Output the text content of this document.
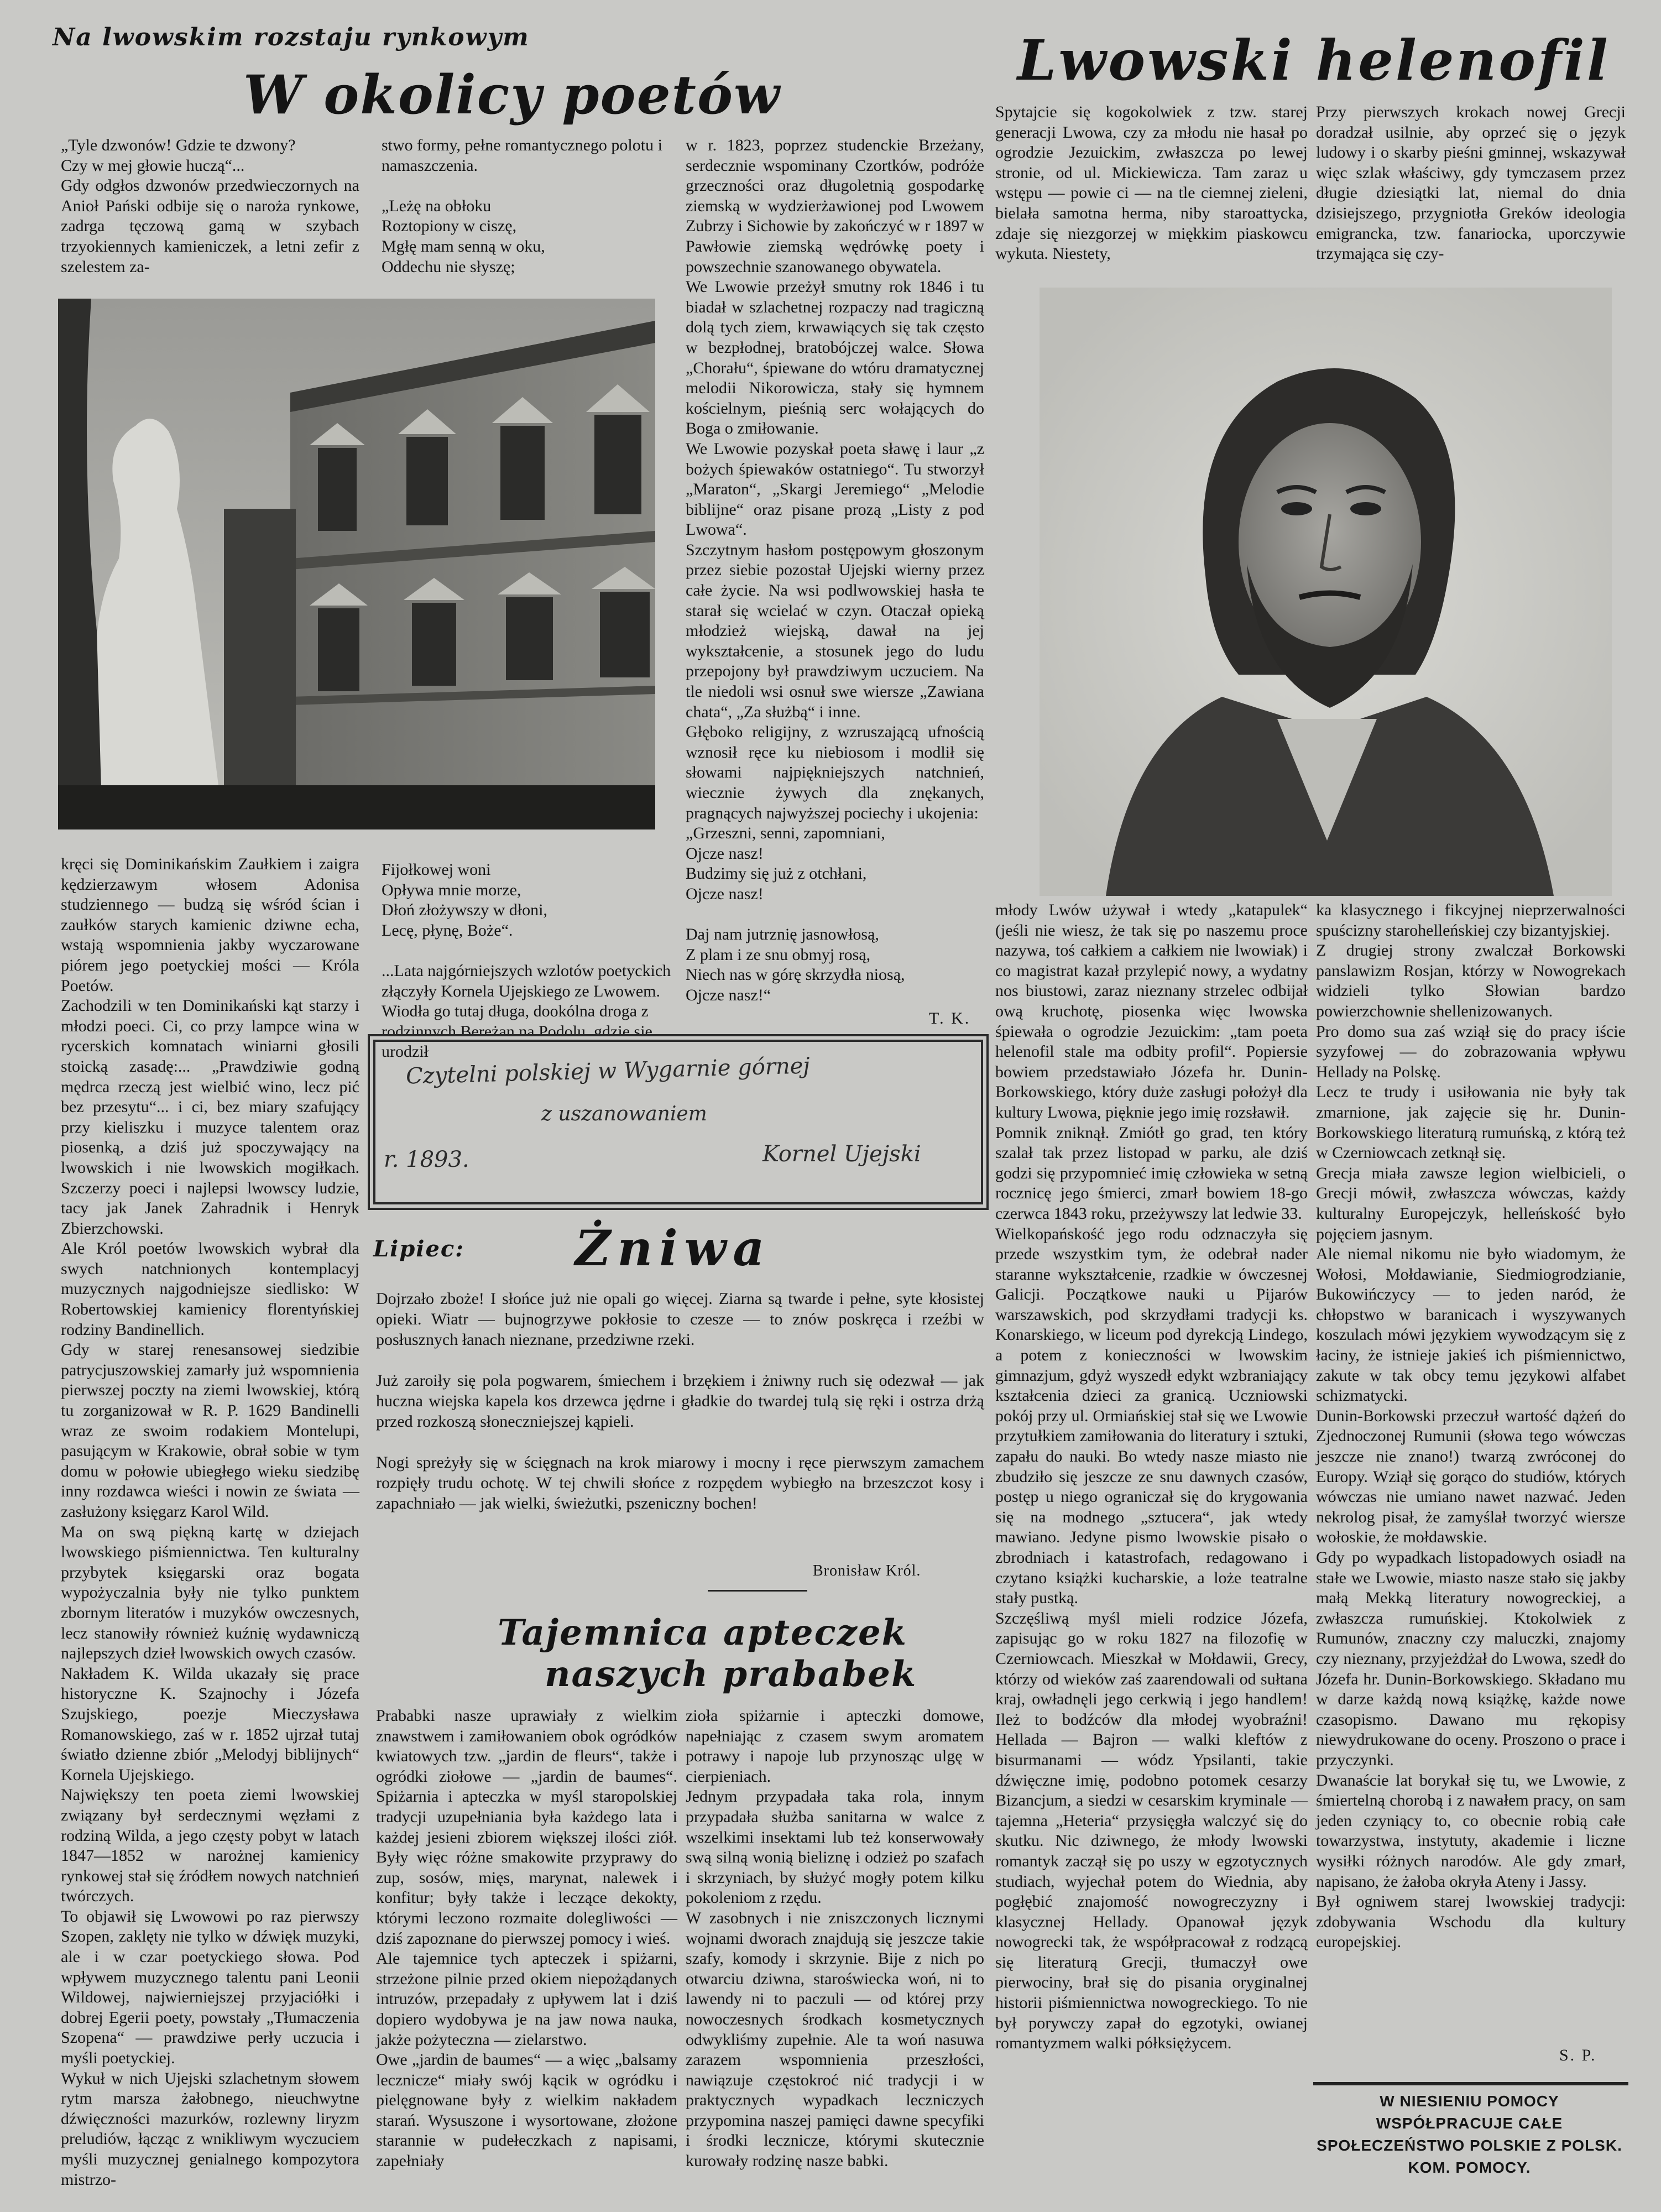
Na lwowskim rozstaju rynkowym
W okolicy poetów
„Tyle dzwonów! Gdzie te dzwony?
Czy w mej głowie huczą“...
Gdy odgłos dzwonów przedwieczornych na Anioł Pański odbije się o naroża rynkowe, zadrga tęczową gamą w szybach trzyokiennych kamieniczek, a letni zefir z szelestem za-
stwo formy, pełne romantycznego polotu i namaszczenia.

„Leżę na obłoku
Roztopiony w ciszę,
Mgłę mam senną w oku,
Oddechu nie słyszę;
kręci się Dominikańskim Zaułkiem i zaigra kędzierzawym włosem Adonisa studziennego — budzą się wśród ścian i zaułków starych kamienic dziwne echa, wstają wspomnienia jakby wyczarowane piórem jego poetyckiej mości — Króla Poetów.
Zachodzili w ten Dominikański kąt starzy i młodzi poeci. Ci, co przy lampce wina w rycerskich komnatach winiarni głosili stoicką zasadę:... „Prawdziwie godną mędrca rzeczą jest wielbić wino, lecz pić bez przesytu“... i ci, bez miary szafujący przy kieliszku i muzyce talentem oraz piosenką, a dziś już spoczywający na lwowskich i nie lwowskich mogiłkach. Szczerzy poeci i najlepsi lwowscy ludzie, tacy jak Janek Zahradnik i Henryk Zbierzchowski.
Ale Król poetów lwowskich wybrał dla swych natchnionych kontemplacyj muzycznych najgodniejsze siedlisko: W Robertowskiej kamienicy florentyńskiej rodziny Bandinellich.
Gdy w starej renesansowej siedzibie patrycjuszowskiej zamarły już wspomnienia pierwszej poczty na ziemi lwowskiej, którą tu zorganizował w R. P. 1629 Bandinelli wraz ze swoim rodakiem Montelupi, pasującym w Krakowie, obrał sobie w tym domu w połowie ubiegłego wieku siedzibę inny rozdawca wieści i nowin ze świata — zasłużony księgarz Karol Wild.
Ma on swą piękną kartę w dziejach lwowskiego piśmiennictwa. Ten kulturalny przybytek księgarski oraz bogata wypożyczalnia były nie tylko punktem zbornym literatów i muzyków owczesnych, lecz stanowiły również kuźnię wydawniczą najlepszych dzieł lwowskich owych czasów.
Nakładem K. Wilda ukazały się prace historyczne K. Szajnochy i Józefa Szujskiego, poezje Mieczysława Romanowskiego, zaś w r. 1852 ujrzał tutaj światło dzienne zbiór „Melodyj biblijnych“ Kornela Ujejskiego.
Największy ten poeta ziemi lwowskiej związany był serdecznymi węzłami z rodziną Wilda, a jego częsty pobyt w latach 1847—1852 w narożnej kamienicy rynkowej stał się źródłem nowych natchnień twórczych.
To objawił się Lwowowi po raz pierwszy Szopen, zaklęty nie tylko w dźwięk muzyki, ale i w czar poetyckiego słowa. Pod wpływem muzycznego talentu pani Leonii Wildowej, najwierniejszej przyjaciółki i dobrej Egerii poety, powstały „Tłumaczenia Szopena“ — prawdziwe perły uczucia i myśli poetyckiej.
Wykuł w nich Ujejski szlachetnym słowem rytm marsza żałobnego, nieuchwytne dźwięczności mazurków, rozlewny liryzm preludiów, łącząc z wnikliwym wyczuciem myśli muzycznej genialnego kompozytora mistrzo-
Fijołkowej woni
Opływa mnie morze,
Dłoń złożywszy w dłoni,
Lecę, płynę, Boże“.

...Lata najgórniejszych wzlotów poetyckich złączyły Kornela Ujejskiego ze Lwowem. Wiodła go tutaj długa, dookólna droga z rodzinnych Bereżan na Podolu, gdzie się urodził
w r. 1823, poprzez studenckie Brzeżany, serdecznie wspominany Czortków, podróże grzeczności oraz długoletnią gospodarkę ziemską w wydzierżawionej pod Lwowem Zubrzy i Sichowie by zakończyć w r 1897 w Pawłowie ziemską wędrówkę poety i powszechnie szanowanego obywatela.
We Lwowie przeżył smutny rok 1846 i tu biadał w szlachetnej rozpaczy nad tragiczną dolą tych ziem, krwawiących się tak często w bezpłodnej, bratobójczej walce. Słowa „Chorału“, śpiewane do wtóru dramatycznej melodii Nikorowicza, stały się hymnem kościelnym, pieśnią serc wołających do Boga o zmiłowanie.
We Lwowie pozyskał poeta sławę i laur „z bożych śpiewaków ostatniego“. Tu stworzył „Maraton“, „Skargi Jeremiego“ „Melodie biblijne“ oraz pisane prozą „Listy z pod Lwowa“.
Szczytnym hasłom postępowym głoszonym przez siebie pozostał Ujejski wierny przez całe życie. Na wsi podlwowskiej hasła te starał się wcielać w czyn. Otaczał opieką młodzież wiejską, dawał na jej wykształcenie, a stosunek jego do ludu przepojony był prawdziwym uczuciem. Na tle niedoli wsi osnuł swe wiersze „Zawiana chata“, „Za służbą“ i inne.
Głęboko religijny, z wzruszającą ufnością wznosił ręce ku niebiosom i modlił się słowami najpiękniejszych natchnień, wiecznie żywych dla znękanych, pragnących najwyższej pociechy i ukojenia:
„Grzeszni, senni, zapomniani,
Ojcze nasz!
Budzimy się już z otchłani,
Ojcze nasz!

Daj nam jutrznię jasnowłosą,
Z plam i ze snu obmyj rosą,
Niech nas w górę skrzydła niosą,
Ojcze nasz!“
T. K.
Czytelni polskiej w Wygarnie górnej
z uszanowaniem
r. 1893.	Kornel Ujejski
Lipiec: Żniwa
Dojrzało zboże! I słońce już nie opali go więcej. Ziarna są twarde i pełne, syte kłosistej opieki. Wiatr — bujnogrzywe pokłosie to czesze — to znów poskręca i rzeźbi w posłusznych łanach nieznane, przedziwne rzeki.

Już zaroiły się pola pogwarem, śmiechem i brzękiem i żniwny ruch się odezwał — jak huczna wiejska kapela kos drzewca jędrne i gładkie do twardej tulą się ręki i ostrza drżą przed rozkoszą słoneczniejszej kąpieli.

Nogi spreżyły się w ścięgnach na krok miarowy i mocny i ręce pierwszym zamachem rozpięły trudu ochotę. W tej chwili słońce z rozpędem wybiegło na brzeszczot kosy i zapachniało — jak wielki, świeżutki, pszeniczny bochen!
Bronisław Król.
Tajemnica apteczek
naszych prababek
Prababki nasze uprawiały z wielkim znawstwem i zamiłowaniem obok ogródków kwiatowych tzw. „jardin de fleurs“, także i ogródki ziołowe — „jardin de baumes“. Spiżarnia i apteczka w myśl staropolskiej tradycji uzupełniania była każdego lata i każdej jesieni zbiorem większej ilości ziół. Były więc różne smakowite przyprawy do zup, sosów, mięs, marynat, nalewek i konfitur; były także i leczące dekokty, którymi leczono rozmaite dolegliwości — dziś zapoznane do pierwszej pomocy i wieś.
Ale tajemnice tych apteczek i spiżarni, strzeżone pilnie przed okiem niepożądanych intruzów, przepadały z upływem lat i dziś dopiero wydobywa je na jaw nowa nauka, jakże pożyteczna — zielarstwo.
Owe „jardin de baumes“ — a więc „balsamy lecznicze“ miały swój kącik w ogródku i pielęgnowane były z wielkim nakładem starań. Wysuszone i wysortowane, złożone starannie w pudełeczkach z napisami, zapełniały
zioła spiżarnie i apteczki domowe, napełniając z czasem swym aromatem potrawy i napoje lub przynosząc ulgę w cierpieniach.
Jednym przypadała taka rola, innym przypadała służba sanitarna w walce z wszelkimi insektami lub też konserwowały swą silną wonią bieliznę i odzież po szafach i skrzyniach, by służyć mogły potem kilku pokoleniom z rzędu.
W zasobnych i nie zniszczonych licznymi wojnami dworach znajdują się jeszcze takie szafy, komody i skrzynie. Bije z nich po otwarciu dziwna, staroświecka woń, ni to lawendy ni to paczuli — od której przy nowoczesnych środkach kosmetycznych odwykliśmy zupełnie. Ale ta woń nasuwa zarazem wspomnienia przeszłości, nawiązuje częstokroć nić tradycji i w praktycznych wypadkach leczniczych przypomina naszej pamięci dawne specyfiki i środki lecznicze, którymi skutecznie kurowały rodzinę nasze babki.
Lwowski helenofil
Spytajcie się kogokolwiek z tzw. starej generacji Lwowa, czy za młodu nie hasał po ogrodzie Jezuickim, zwłaszcza po lewej stronie, od ul. Mickiewicza. Tam zaraz u wstępu — powie ci — na tle ciemnej zieleni, bielała samotna herma, niby staroattycka, zdaje się niezgorzej w miękkim piaskowcu wykuta. Niestety,
Przy pierwszych krokach nowej Grecji doradzał usilnie, aby oprzeć się o język ludowy i o skarby pieśni gminnej, wskazywał więc szlak właściwy, gdy tymczasem przez długie dziesiątki lat, niemal do dnia dzisiejszego, przygniotła Greków ideologia emigrancka, tzw. fanariocka, uporczywie trzymająca się czy-
młody Lwów używał i wtedy „katapulek“ (jeśli nie wiesz, że tak się po naszemu proce nazywa, toś całkiem a całkiem nie lwowiak) i co magistrat kazał przylepić nowy, a wydatny nos biustowi, zaraz nieznany strzelec odbijał ową kruchotę, piosenka więc lwowska śpiewała o ogrodzie Jezuickim: „tam poeta helenofil stale ma odbity profil“. Popiersie bowiem przedstawiało Józefa hr. Dunin-Borkowskiego, który duże zasługi położył dla kultury Lwowa, pięknie jego imię rozsławił.
Pomnik zniknął. Zmiótł go grad, ten który szalał tak przez listopad w parku, ale dziś godzi się przypomnieć imię człowieka w setną rocznicę jego śmierci, zmarł bowiem 18-go czerwca 1843 roku, przeżywszy lat ledwie 33.
Wielkopańskość jego rodu odznaczyła się przede wszystkim tym, że odebrał nader staranne wykształcenie, rzadkie w ówczesnej Galicji. Początkowe nauki u Pijarów warszawskich, pod skrzydłami tradycji ks. Konarskiego, w liceum pod dyrekcją Lindego, a potem z konieczności w lwowskim gimnazjum, gdyż wyszedł edykt wzbraniający kształcenia dzieci za granicą. Uczniowski pokój przy ul. Ormiańskiej stał się we Lwowie przytułkiem zamiłowania do literatury i sztuki, zapału do nauki. Bo wtedy nasze miasto nie zbudziło się jeszcze ze snu dawnych czasów, postęp u niego ograniczał się do krygowania się na modnego „sztucera“, jak wtedy mawiano. Jedyne pismo lwowskie pisało o zbrodniach i katastrofach, redagowano i czytano książki kucharskie, a loże teatralne stały pustką.
Szczęśliwą myśl mieli rodzice Józefa, zapisując go w roku 1827 na filozofię w Czerniowcach. Mieszkał w Mołdawii, Grecy, którzy od wieków zaś zaarendowali od sułtana kraj, owładnęli jego cerkwią i jego handlem! Ileż to bodźców dla młodej wyobraźni! Hellada — Bajron — walki kleftów z bisurmanami — wódz Ypsilanti, takie dźwięczne imię, podobno potomek cesarzy Bizancjum, a siedzi w cesarskim kryminale — tajemna „Heteria“ przysięgła walczyć się do skutku. Nic dziwnego, że młody lwowski romantyk zaczął się po uszy w egzotycznych studiach, wyjechał potem do Wiednia, aby pogłębić znajomość nowogreczyzny i klasycznej Hellady. Opanował język nowogrecki tak, że współpracował z rodzącą się literaturą Grecji, tłumaczył owe pierwociny, brał się do pisania oryginalnej historii piśmiennictwa nowogreckiego. To nie był porywczy zapał do egzotyki, owianej romantyzmem walki półksiężycem.
ka klasycznego i fikcyjnej nieprzerwalności spuścizny starohelleńskiej czy bizantyjskiej.
Z drugiej strony zwalczał Borkowski panslawizm Rosjan, którzy w Nowogrekach widzieli tylko Słowian bardzo powierzchownie shellenizowanych.
Pro domo sua zaś wziął się do pracy iście syzyfowej — do zobrazowania wpływu Hellady na Polskę.
Lecz te trudy i usiłowania nie były tak zmarnione, jak zajęcie się hr. Dunin-Borkowskiego literaturą rumuńską, z którą też w Czerniowcach zetknął się.
Grecja miała zawsze legion wielbicieli, o Grecji mówił, zwłaszcza wówczas, każdy kulturalny Europejczyk, helleńskość było pojęciem jasnym.
Ale niemal nikomu nie było wiadomym, że Wołosi, Mołdawianie, Siedmiogrodzianie, Bukowińczycy — to jeden naród, że chłopstwo w baranicach i wyszywanych koszulach mówi językiem wywodzącym się z łaciny, że istnieje jakieś ich piśmiennictwo, zakute w tak obcy temu językowi alfabet schizmatycki.
Dunin-Borkowski przeczuł wartość dążeń do Zjednoczonej Rumunii (słowa tego wówczas jeszcze nie znano!) twarzą zwróconej do Europy. Wziął się gorąco do studiów, których wówczas nie umiano nawet nazwać. Jeden nekrolog pisał, że zamyślał tworzyć wiersze wołoskie, że mołdawskie.
Gdy po wypadkach listopadowych osiadł na stałe we Lwowie, miasto nasze stało się jakby małą Mekką literatury nowogreckiej, a zwłaszcza rumuńskiej. Ktokolwiek z Rumunów, znaczny czy maluczki, znajomy czy nieznany, przyjeżdżał do Lwowa, szedł do Józefa hr. Dunin-Borkowskiego. Składano mu w darze każdą nową książkę, każde nowe czasopismo. Dawano mu rękopisy niewydrukowane do oceny. Proszono o prace i przyczynki.
Dwanaście lat borykał się tu, we Lwowie, z śmiertelną chorobą i z nawałem pracy, on sam jeden czyniący to, co obecnie robią całe towarzystwa, instytuty, akademie i liczne wysiłki różnych narodów. Ale gdy zmarł, napisano, że żałoba okryła Ateny i Jassy.
Był ogniwem starej lwowskiej tradycji: zdobywania Wschodu dla kultury europejskiej.
S. P.
W NIESIENIU POMOCY WSPÓŁPRACUJE CAŁE SPOŁECZEŃSTWO POLSKIE Z POLSK. KOM. POMOCY.
